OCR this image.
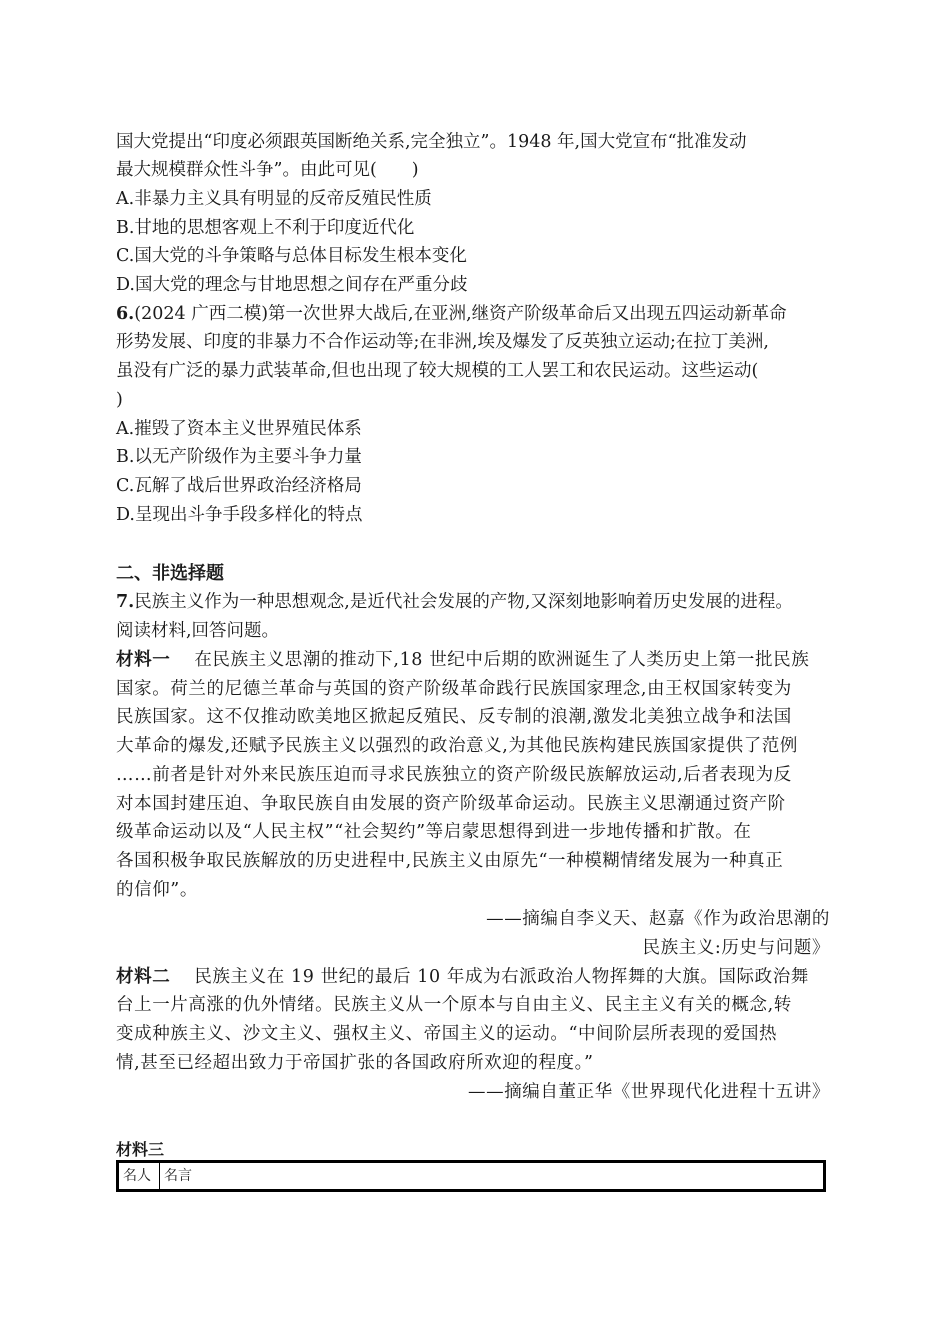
国大党提出“印度必须跟英国断绝关系,完全独立”。1948 年,国大党宣布“批准发动
最大规模群众性斗争”。由此可见(　　)
A.非暴力主义具有明显的反帝反殖民性质
B.甘地的思想客观上不利于印度近代化
C.国大党的斗争策略与总体目标发生根本变化
D.国大党的理念与甘地思想之间存在严重分歧
6.(2024 广西二模)第一次世界大战后,在亚洲,继资产阶级革命后又出现五四运动新革命
形势发展、印度的非暴力不合作运动等;在非洲,埃及爆发了反英独立运动;在拉丁美洲,
虽没有广泛的暴力武装革命,但也出现了较大规模的工人罢工和农民运动。这些运动(
)
A.摧毁了资本主义世界殖民体系
B.以无产阶级作为主要斗争力量
C.瓦解了战后世界政治经济格局
D.呈现出斗争手段多样化的特点
二、非选择题
7.民族主义作为一种思想观念,是近代社会发展的产物,又深刻地影响着历史发展的进程。
阅读材料,回答问题。
材料一 在民族主义思潮的推动下,18 世纪中后期的欧洲诞生了人类历史上第一批民族
国家。荷兰的尼德兰革命与英国的资产阶级革命践行民族国家理念,由王权国家转变为
民族国家。这不仅推动欧美地区掀起反殖民、反专制的浪潮,激发北美独立战争和法国
大革命的爆发,还赋予民族主义以强烈的政治意义,为其他民族构建民族国家提供了范例
……前者是针对外来民族压迫而寻求民族独立的资产阶级民族解放运动,后者表现为反
对本国封建压迫、争取民族自由发展的资产阶级革命运动。民族主义思潮通过资产阶
级革命运动以及“人民主权”“社会契约”等启蒙思想得到进一步地传播和扩散。在
各国积极争取民族解放的历史进程中,民族主义由原先“一种模糊情绪发展为一种真正
的信仰”。
——摘编自李义天、赵嘉《作为政治思潮的
民族主义:历史与问题》
材料二 民族主义在 19 世纪的最后 10 年成为右派政治人物挥舞的大旗。国际政治舞
台上一片高涨的仇外情绪。民族主义从一个原本与自由主义、民主主义有关的概念,转
变成种族主义、沙文主义、强权主义、帝国主义的运动。“中间阶层所表现的爱国热
情,甚至已经超出致力于帝国扩张的各国政府所欢迎的程度。”
——摘编自董正华《世界现代化进程十五讲》
材料三
名人 名言
